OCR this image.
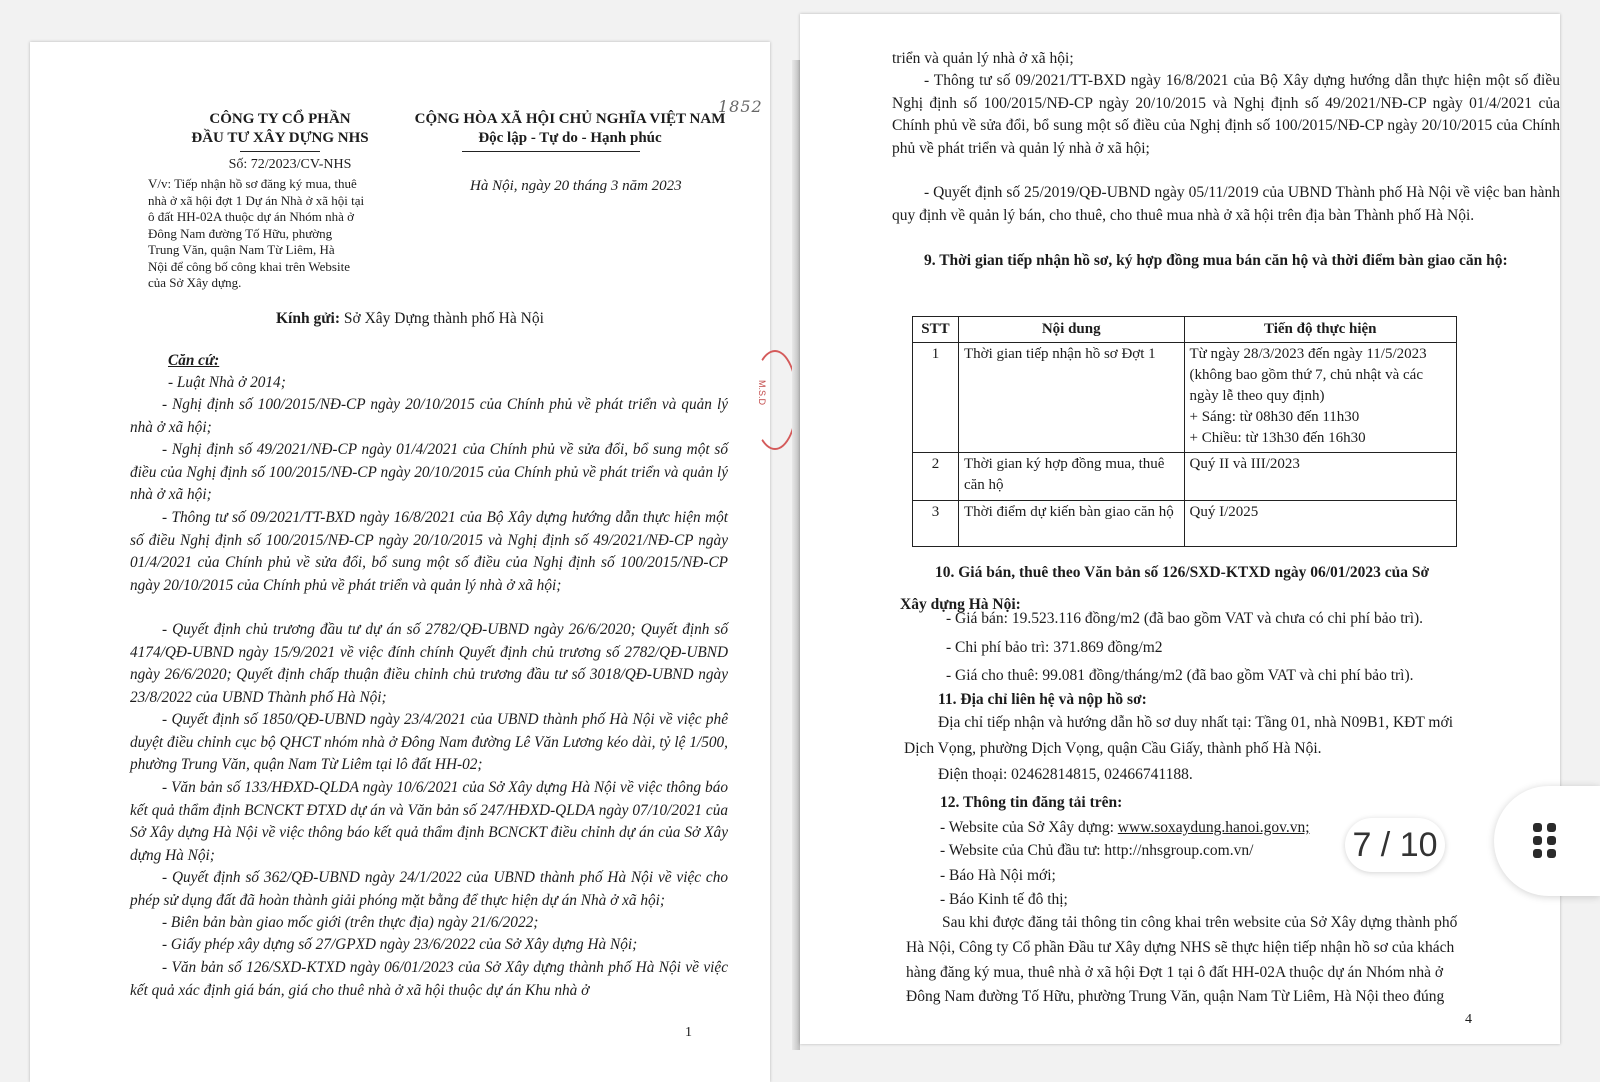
1852

CÔNG TY CỔ PHẦN

ĐẦU TƯ XÂY DỰNG NHS

CỘNG HÒA XÃ HỘI CHỦ NGHĨA VIỆT NAM

Độc lập - Tự do - Hạnh phúc

Số: 72/2023/CV-NHS

V/v: Tiếp nhận hồ sơ đăng ký mua, thuê
nhà ở xã hội đợt 1 Dự án Nhà ở xã hội tại
ô đất HH-02A thuộc dự án Nhóm nhà ở
Đông Nam đường Tố Hữu, phường
Trung Văn, quận Nam Từ Liêm, Hà
Nội để công bố công khai trên Website
của Sở Xây dựng.

Hà Nội, ngày 20 tháng 3 năm 2023

Kính gửi: Sở Xây Dựng thành phố Hà Nội

Căn cứ:

- Luật Nhà ở 2014;

- Nghị định số 100/2015/NĐ-CP ngày 20/10/2015 của Chính phủ về phát triển và quản lý nhà ở xã hội;

- Nghị định số 49/2021/NĐ-CP ngày 01/4/2021 của Chính phủ về sửa đổi, bổ sung một số điều của Nghị định số 100/2015/NĐ-CP ngày 20/10/2015 của Chính phủ về phát triển và quản lý nhà ở xã hội;

- Thông tư số 09/2021/TT-BXD ngày 16/8/2021 của Bộ Xây dựng hướng dẫn thực hiện một số điều Nghị định số 100/2015/NĐ-CP ngày 20/10/2015 và Nghị định số 49/2021/NĐ-CP ngày 01/4/2021 của Chính phủ về sửa đổi, bổ sung một số điều của Nghị định số 100/2015/NĐ-CP ngày 20/10/2015 của Chính phủ về phát triển và quản lý nhà ở xã hội;

- Quyết định chủ trương đầu tư dự án số 2782/QĐ-UBND ngày 26/6/2020; Quyết định số 4174/QĐ-UBND ngày 15/9/2021 về việc đính chính Quyết định chủ trương số 2782/QĐ-UBND ngày 26/6/2020; Quyết định chấp thuận điều chỉnh chủ trương đầu tư số 3018/QĐ-UBND ngày 23/8/2022 của UBND Thành phố Hà Nội;

- Quyết định số 1850/QĐ-UBND ngày 23/4/2021 của UBND thành phố Hà Nội về việc phê duyệt điều chỉnh cục bộ QHCT nhóm nhà ở Đông Nam đường Lê Văn Lương kéo dài, tỷ lệ 1/500, phường Trung Văn, quận Nam Từ Liêm tại lô đất HH-02;

- Văn bản số 133/HĐXD-QLDA ngày 10/6/2021 của Sở Xây dựng Hà Nội về việc thông báo kết quả thẩm định BCNCKT ĐTXD dự án và Văn bản số 247/HĐXD-QLDA ngày 07/10/2021 của Sở Xây dựng Hà Nội về việc thông báo kết quả thẩm định BCNCKT điều chỉnh dự án của Sở Xây dựng Hà Nội;

- Quyết định số 362/QĐ-UBND ngày 24/1/2022 của UBND thành phố Hà Nội về việc cho phép sử dụng đất đã hoàn thành giải phóng mặt bằng để thực hiện dự án Nhà ở xã hội;

- Biên bản bàn giao mốc giới (trên thực địa) ngày 21/6/2022;

- Giấy phép xây dựng số 27/GPXD ngày 23/6/2022 của Sở Xây dựng Hà Nội;

- Văn bản số 126/SXD-KTXD ngày 06/01/2023 của Sở Xây dựng thành phố Hà Nội về việc kết quả xác định giá bán, giá cho thuê nhà ở xã hội thuộc dự án Khu nhà ở

1

M.S.D

triển và quản lý nhà ở xã hội;

- Thông tư số 09/2021/TT-BXD ngày 16/8/2021 của Bộ Xây dựng hướng dẫn thực hiện một số điều Nghị định số 100/2015/NĐ-CP ngày 20/10/2015 và Nghị định số 49/2021/NĐ-CP ngày 01/4/2021 của Chính phủ về sửa đổi, bổ sung một số điều của Nghị định số 100/2015/NĐ-CP ngày 20/10/2015 của Chính phủ về phát triển và quản lý nhà ở xã hội;

- Quyết định số 25/2019/QĐ-UBND ngày 05/11/2019 của UBND Thành phố Hà Nội về việc ban hành quy định về quản lý bán, cho thuê, cho thuê mua nhà ở xã hội trên địa bàn Thành phố Hà Nội.

9. Thời gian tiếp nhận hồ sơ, ký hợp đồng mua bán căn hộ và thời điểm bàn giao căn hộ:

STT	Nội dung	Tiến độ thực hiện
1	Thời gian tiếp nhận hồ sơ Đợt 1	Từ ngày 28/3/2023 đến ngày 11/5/2023
(không bao gồm thứ 7, chủ nhật và các
ngày lễ theo quy định)
+ Sáng: từ 08h30 đến 11h30
+ Chiều: từ 13h30 đến 16h30

2	Thời gian ký hợp đồng mua, thuê căn hộ	Quý II và III/2023
3	Thời điểm dự kiến bàn giao căn hộ	Quý I/2025

10. Giá bán, thuê theo Văn bản số 126/SXD-KTXD ngày 06/01/2023 của Sở

Xây dựng Hà Nội:

- Giá bán: 19.523.116 đồng/m2 (đã bao gồm VAT và chưa có chi phí bảo trì).

- Chi phí bảo trì: 371.869 đồng/m2

- Giá cho thuê: 99.081 đồng/tháng/m2 (đã bao gồm VAT và chi phí bảo trì).

11. Địa chỉ liên hệ và nộp hồ sơ:

Địa chỉ tiếp nhận và hướng dẫn hồ sơ duy nhất tại: Tầng 01, nhà N09B1, KĐT mới

Dịch Vọng, phường Dịch Vọng, quận Cầu Giấy, thành phố Hà Nội.

Điện thoại: 02462814815, 02466741188.

12. Thông tin đăng tải trên:

- Website của Sở Xây dựng: www.soxaydung.hanoi.gov.vn;

- Website của Chủ đầu tư: http://nhsgroup.com.vn/

- Báo Hà Nội mới;

- Báo Kinh tế đô thị;

Sau khi được đăng tải thông tin công khai trên website của Sở Xây dựng thành phố

Hà Nội, Công ty Cổ phần Đầu tư Xây dựng NHS sẽ thực hiện tiếp nhận hồ sơ của khách

hàng đăng ký mua, thuê nhà ở xã hội Đợt 1 tại ô đất HH-02A thuộc dự án Nhóm nhà ở

Đông Nam đường Tố Hữu, phường Trung Văn, quận Nam Từ Liêm, Hà Nội theo đúng

4

7 / 10
